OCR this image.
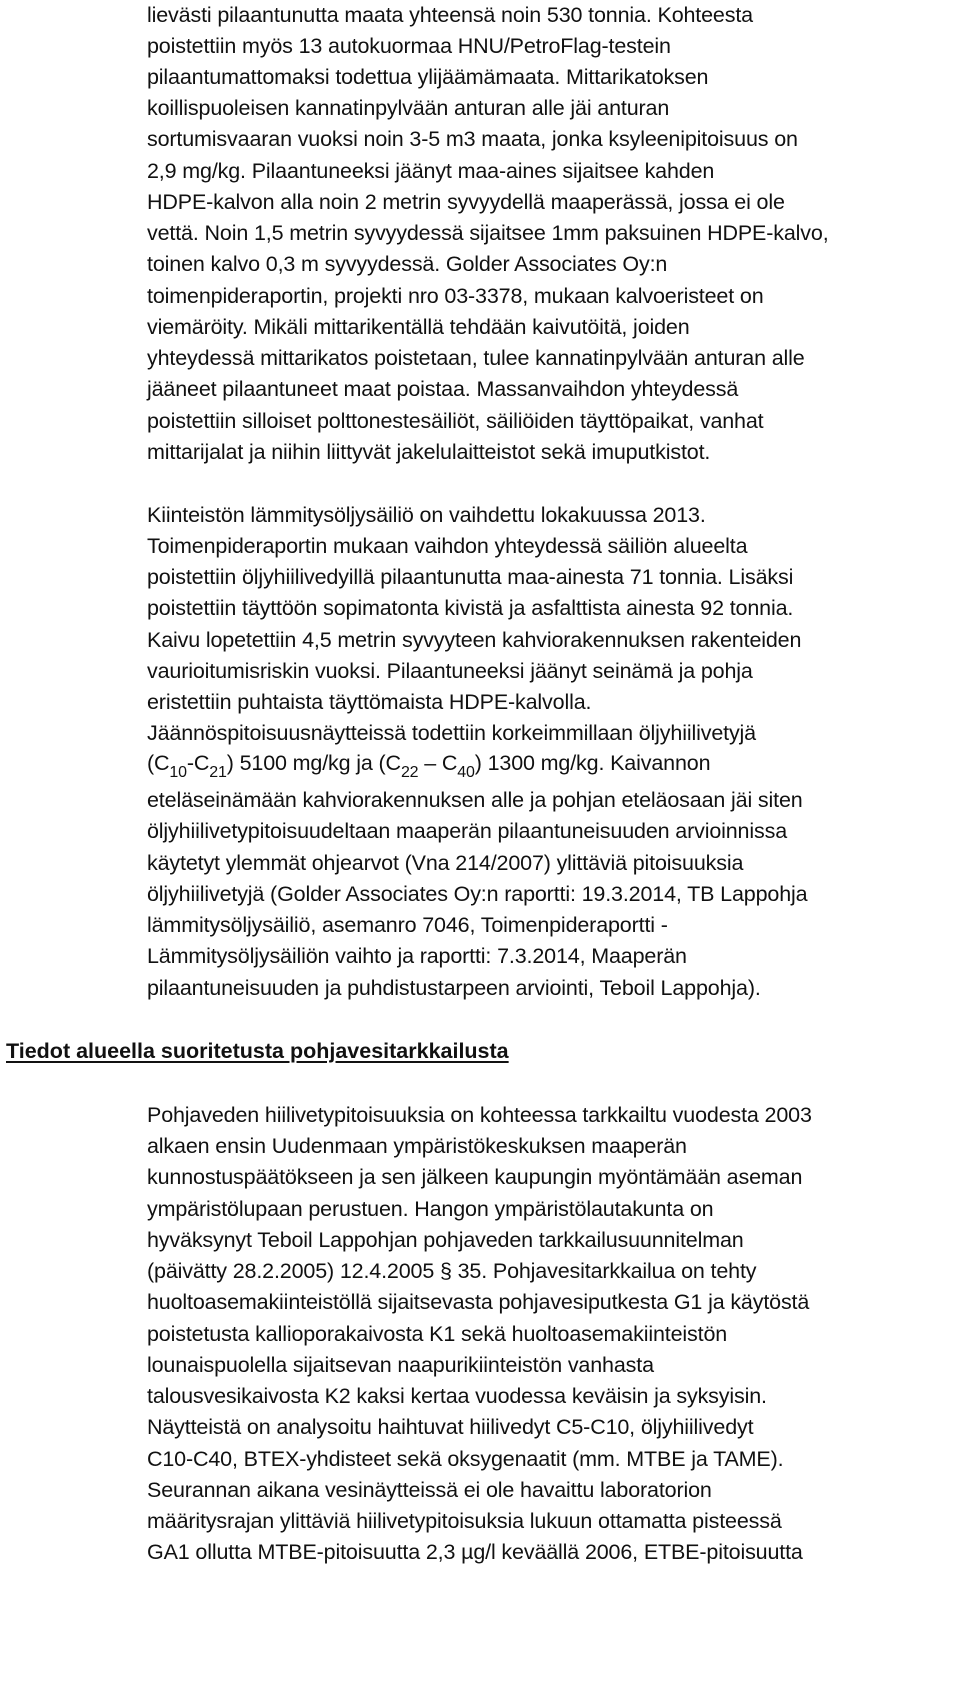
lievästi pilaantunutta maata yhteensä noin 530 tonnia. Kohteesta
poistettiin myös 13 autokuormaa HNU/PetroFlag-testein
pilaantumattomaksi todettua ylijäämämaata. Mittarikatoksen
koillispuoleisen kannatinpylvään anturan alle jäi anturan
sortumisvaaran vuoksi noin 3-5 m3 maata, jonka ksyleenipitoisuus on
2,9 mg/kg. Pilaantuneeksi jäänyt maa-aines sijaitsee kahden
HDPE-kalvon alla noin 2 metrin syvyydellä maaperässä, jossa ei ole
vettä. Noin 1,5 metrin syvyydessä sijaitsee 1mm paksuinen HDPE-kalvo,
toinen kalvo 0,3 m syvyydessä. Golder Associates Oy:n
toimenpideraportin, projekti nro 03-3378, mukaan kalvoeristeet on
viemäröity. Mikäli mittarikentällä tehdään kaivutöitä, joiden
yhteydessä mittarikatos poistetaan, tulee kannatinpylvään anturan alle
jääneet pilaantuneet maat poistaa. Massanvaihdon yhteydessä
poistettiin silloiset polttonestesäiliöt, säiliöiden täyttöpaikat, vanhat
mittarijalat ja niihin liittyvät jakelulaitteistot sekä imuputkistot.
Kiinteistön lämmitysöljysäiliö on vaihdettu lokakuussa 2013.
Toimenpideraportin mukaan vaihdon yhteydessä säiliön alueelta
poistettiin öljyhiilivedyillä pilaantunutta maa-ainesta 71 tonnia. Lisäksi
poistettiin täyttöön sopimatonta kivistä ja asfalttista ainesta 92 tonnia.
Kaivu lopetettiin 4,5 metrin syvyyteen kahviorakennuksen rakenteiden
vaurioitumisriskin vuoksi. Pilaantuneeksi jäänyt seinämä ja pohja
eristettiin puhtaista täyttömaista HDPE-kalvolla.
Jäännöspitoisuusnäytteissä todettiin korkeimmillaan öljyhiilivetyjä
$(C_{10}-C_{21})$ 5100 mg/kg ja $(C_{22} - C_{40})$ 1300 mg/kg. Kaivannon
eteläseinämään kahviorakennuksen alle ja pohjan eteläosaan jäi siten
öljyhiilivetypitoisuudeltaan maaperän pilaantuneisuuden arvioinnissa
käytetyt ylemmät ohjearvot (Vna 214/2007) ylittäviä pitoisuuksia
öljyhiilivetyjä (Golder Associates Oy:n raportti: 19.3.2014, TB Lappohja
lämmitysöljysäiliö, asemanro 7046, Toimenpideraportti -
Lämmitysöljysäiliön vaihto ja raportti: 7.3.2014, Maaperän
pilaantuneisuuden ja puhdistustarpeen arviointi, Teboil Lappohja).
Tiedot alueella suoritetusta pohjavesitarkkailusta
Pohjaveden hiilivetypitoisuuksia on kohteessa tarkkailtu vuodesta 2003
alkaen ensin Uudenmaan ympäristökeskuksen maaperän
kunnostuspäätökseen ja sen jälkeen kaupungin myöntämään aseman
ympäristölupaan perustuen. Hangon ympäristölautakunta on
hyväksynyt Teboil Lappohjan pohjaveden tarkkailusuunnitelman
(päivätty 28.2.2005) 12.4.2005 § 35. Pohjavesitarkkailua on tehty
huoltoasemakiinteistöllä sijaitsevasta pohjavesiputkesta G1 ja käytöstä
poistetusta kallioporakaivosta K1 sekä huoltoasemakiinteistön
lounaispuolella sijaitsevan naapurikiinteistön vanhasta
talousvesikaivosta K2 kaksi kertaa vuodessa keväisin ja syksyisin.
Näytteistä on analysoitu haihtuvat hiilivedyt C5-C10, öljyhiilivedyt
C10-C40, BTEX-yhdisteet sekä oksygenaatit (mm. MTBE ja TAME).
Seurannan aikana vesinäytteissä ei ole havaittu laboratorion
määritysrajan ylittäviä hiilivetypitoisuksia lukuun ottamatta pisteessä
GA1 ollutta MTBE-pitoisuutta 2,3 µg/l keväällä 2006, ETBE-pitoisuutta
